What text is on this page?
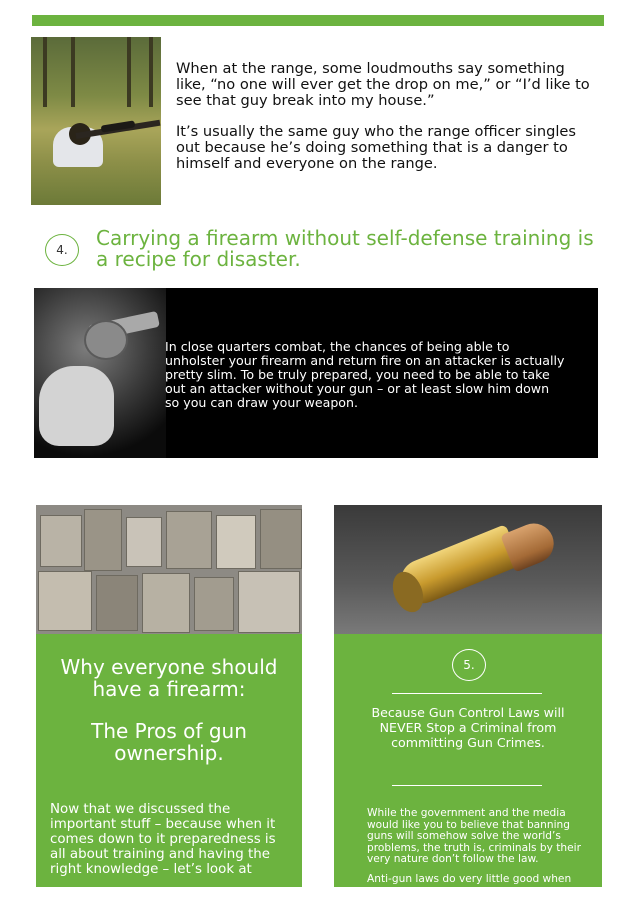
When at the range, some loudmouths say something like, “no one will ever get the drop on me,” or “I’d like to see that guy break into my house.”
It’s usually the same guy who the range officer singles out because he’s doing something that is a danger to himself and everyone on the range.
4.	Carrying a firearm without self-defense training is a recipe for disaster.
In close quarters combat, the chances of being able to unholster your firearm and return fire on an attacker is actually pretty slim. To be truly prepared, you need to be able to take out an attacker without your gun – or at least slow him down so you can draw your weapon.
Why everyone should have a firearm:
The Pros of gun ownership.
Now that we discussed the important stuff – because when it comes down to it preparedness is all about training and having the right knowledge – let’s look at
5.
Because Gun Control Laws will NEVER Stop a Criminal from committing Gun Crimes.
While the government and the media would like you to believe that banning guns will somehow solve the world’s problems, the truth is, criminals by their very nature don’t follow the law.
Anti-gun laws do very little good when
